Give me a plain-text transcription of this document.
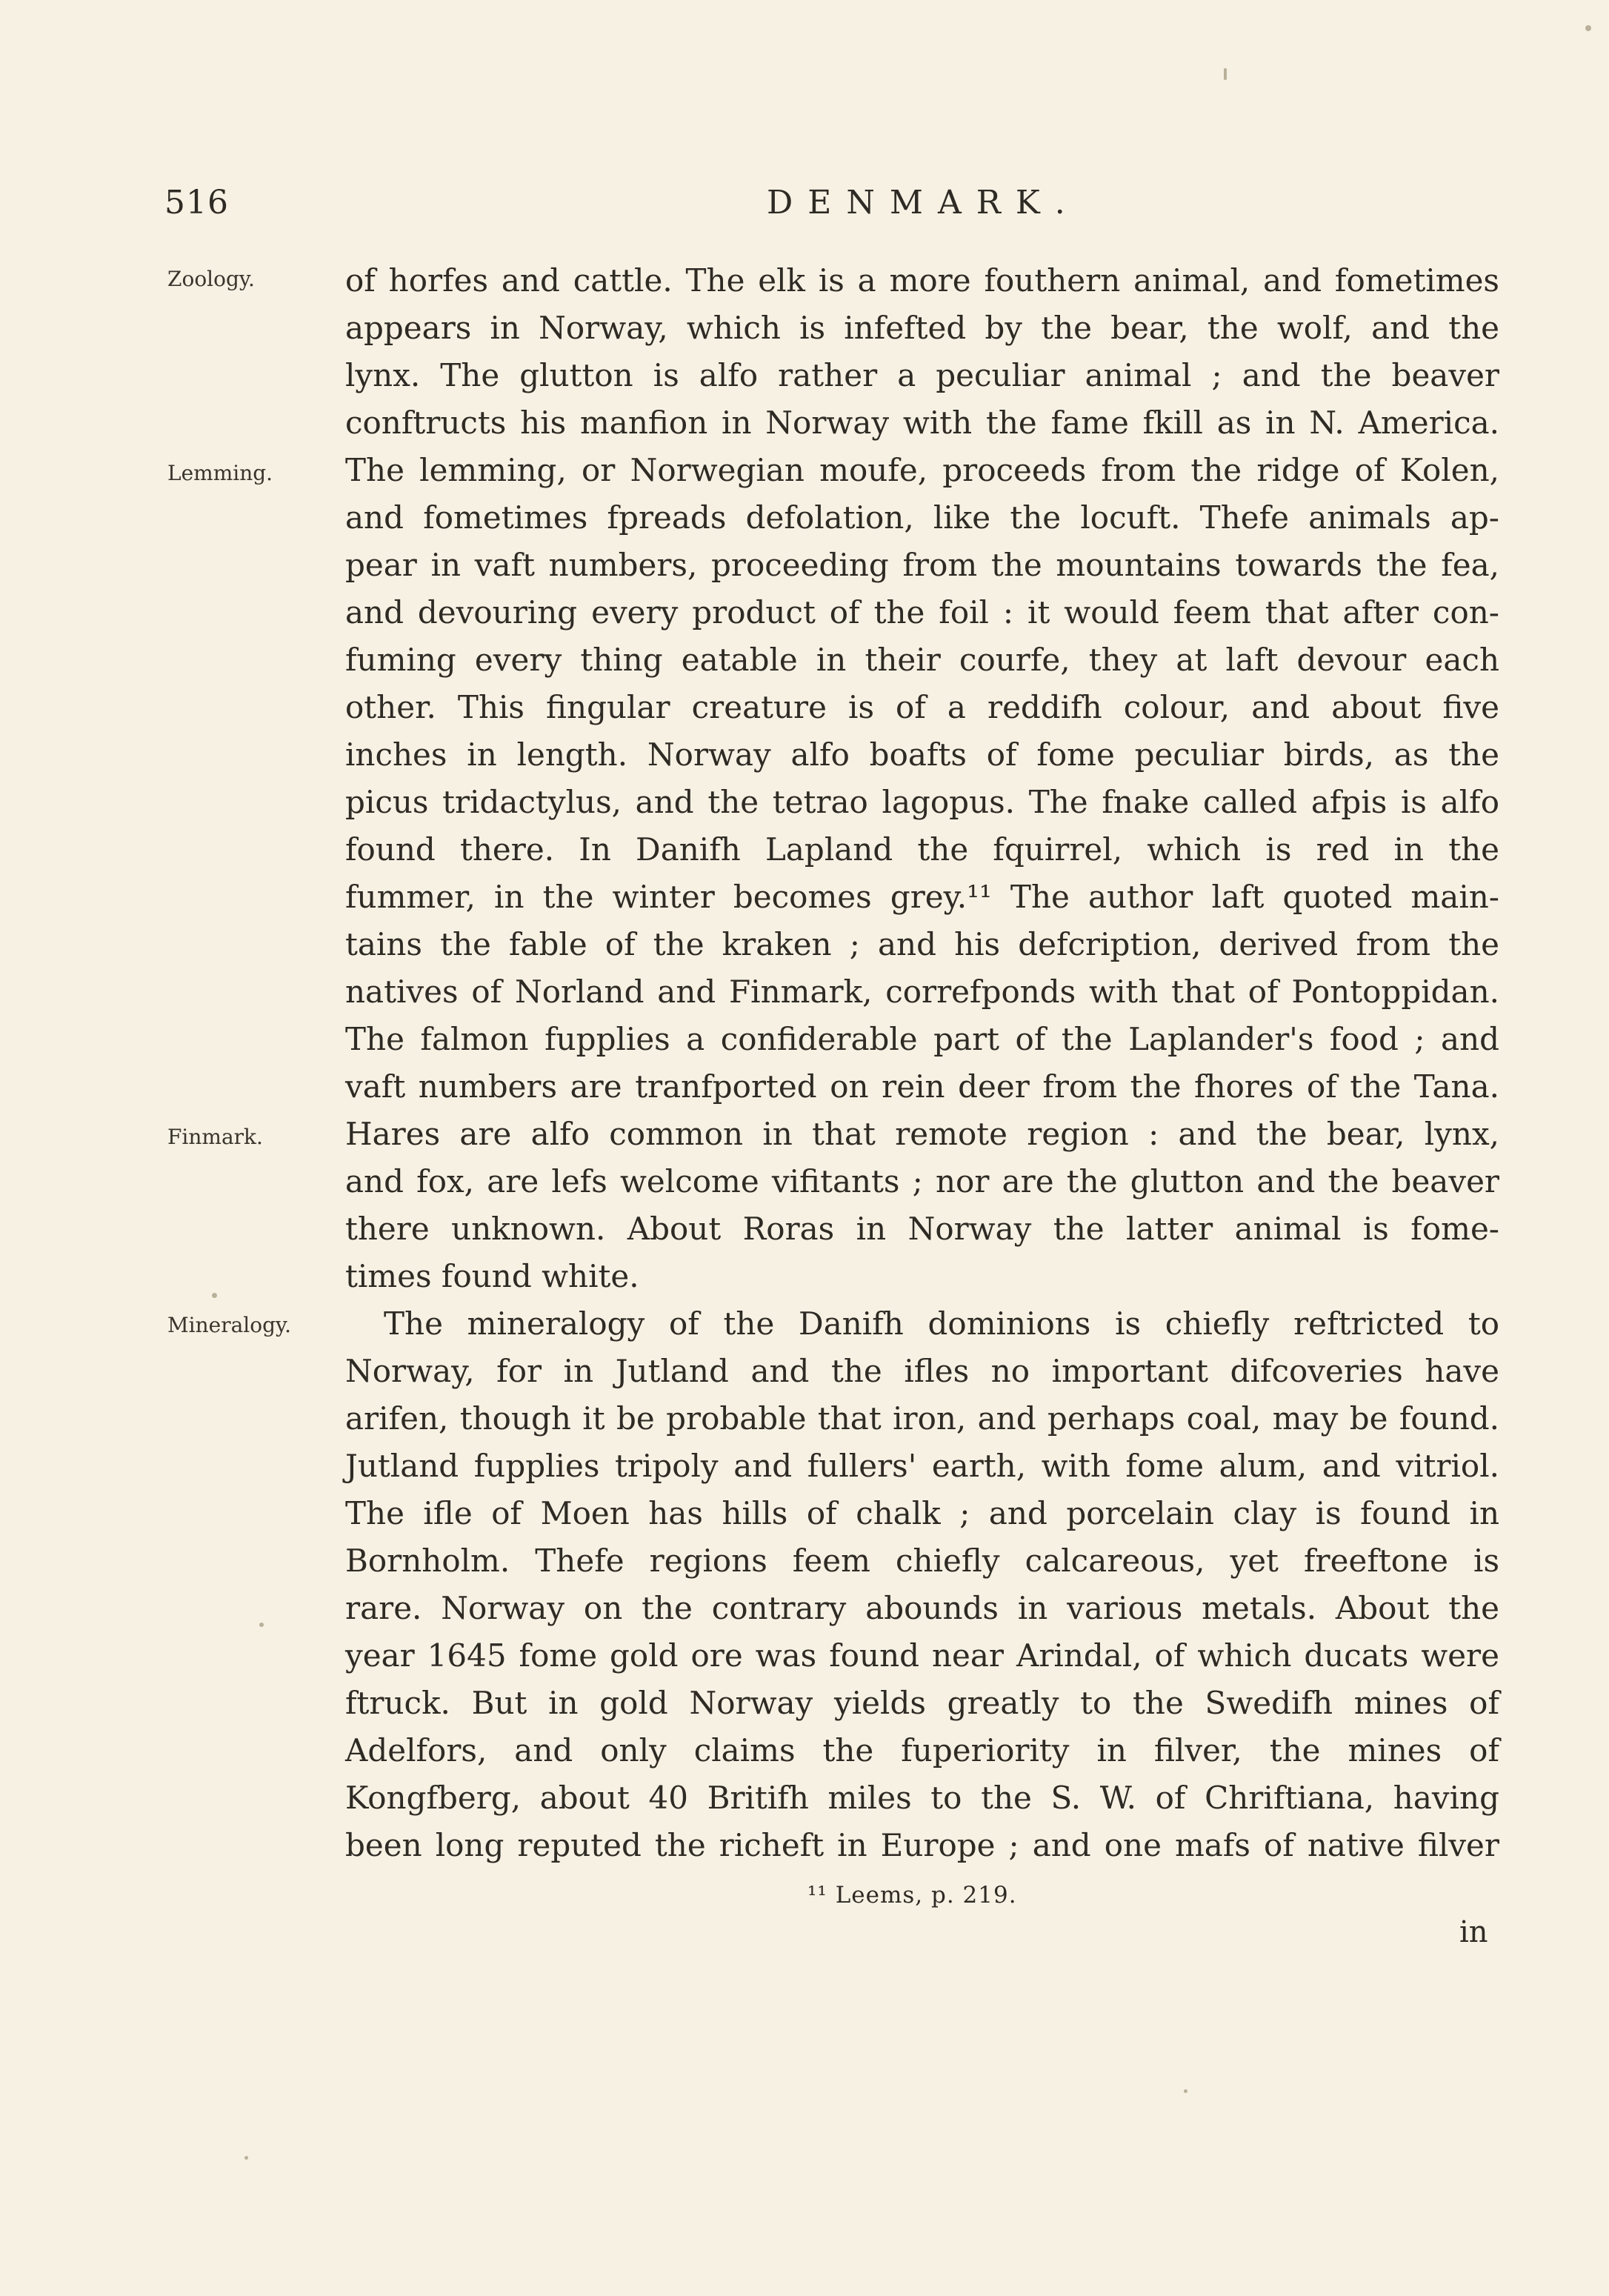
516	DENMARK.
Zoology.
Lemming.
Finmark.
Mineralogy.
of horfes and cattle. The elk is a more fouthern animal, and fometimes
appears in Norway, which is infefted by the bear, the wolf, and the
lynx. The glutton is alfo rather a peculiar animal ; and the beaver
conftructs his manfion in Norway with the fame fkill as in N. America.
The lemming, or Norwegian moufe, proceeds from the ridge of Kolen,
and fometimes fpreads defolation, like the locuft. Thefe animals ap-
pear in vaft numbers, proceeding from the mountains towards the fea,
and devouring every product of the foil : it would feem that after con-
fuming every thing eatable in their courfe, they at laft devour each
other. This fingular creature is of a reddifh colour, and about five
inches in length. Norway alfo boafts of fome peculiar birds, as the
picus tridactylus, and the tetrao lagopus. The fnake called afpis is alfo
found there. In Danifh Lapland the fquirrel, which is red in the
fummer, in the winter becomes grey.¹¹ The author laft quoted main-
tains the fable of the kraken ; and his defcription, derived from the
natives of Norland and Finmark, correfponds with that of Pontoppidan.
The falmon fupplies a confiderable part of the Laplander's food ; and
vaft numbers are tranfported on rein deer from the fhores of the Tana.
Hares are alfo common in that remote region : and the bear, lynx,
and fox, are lefs welcome vifitants ; nor are the glutton and the beaver
there unknown. About Roras in Norway the latter animal is fome-
times found white.
The mineralogy of the Danifh dominions is chiefly reftricted to
Norway, for in Jutland and the ifles no important difcoveries have
arifen, though it be probable that iron, and perhaps coal, may be found.
Jutland fupplies tripoly and fullers' earth, with fome alum, and vitriol.
The ifle of Moen has hills of chalk ; and porcelain clay is found in
Bornholm. Thefe regions feem chiefly calcareous, yet freeftone is
rare. Norway on the contrary abounds in various metals. About the
year 1645 fome gold ore was found near Arindal, of which ducats were
ftruck. But in gold Norway yields greatly to the Swedifh mines of
Adelfors, and only claims the fuperiority in filver, the mines of
Kongfberg, about 40 Britifh miles to the S. W. of Chriftiana, having
been long reputed the richeft in Europe ; and one mafs of native filver
¹¹ Leems, p. 219.
in
